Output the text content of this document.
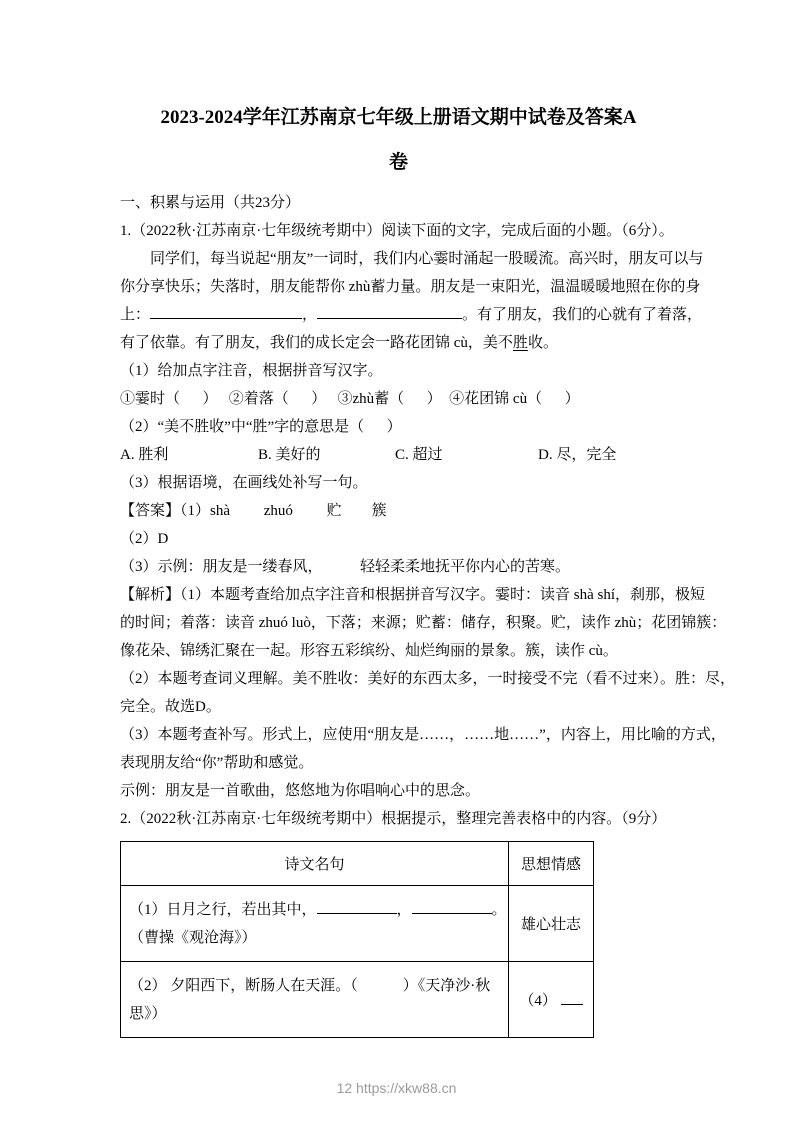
2023-2024学年江苏南京七年级上册语文期中试卷及答案A
卷

一、积累与运用（共23分）

1.（2022秋·江苏南京·七年级统考期中）阅读下面的文字，完成后面的小题。（6分）。

同学们，每当说起“朋友”一词时，我们内心霎时涌起一股暖流。高兴时，朋友可以与

你分享快乐；失落时，朋友能帮你 zhù蓄力量。朋友是一束阳光，温温暖暖地照在你的身

上：	，	。有了朋友，我们的心就有了着落，

有了依靠。有了朋友，我们的成长定会一路花团锦 cù，美不胜收。

（1）给加点字注音，根据拼音写汉字。

①霎时（      ）   ②着落（      ）   ③zhù蓄（      ）  ④花团锦 cù（      ）

（2）“美不胜收”中“胜”字的意思是（      ）

A. 胜利	B. 美好的	C. 超过	D. 尽，完全

（3）根据语境，在画线处补写一句。

【答案】（1）shà         zhuó         贮        簇

（2）D

（3）示例：朋友是一缕春风，          轻轻柔柔地抚平你内心的苦寒。

【解析】（1）本题考查给加点字注音和根据拼音写汉字。霎时：读音 shà shí，刹那，极短

的时间；着落：读音 zhuó luò，下落；来源；贮蓄：储存，积聚。贮，读作 zhù；花团锦簇：

像花朵、锦绣汇聚在一起。形容五彩缤纷、灿烂绚丽的景象。簇，读作 cù。

（2）本题考查词义理解。美不胜收：美好的东西太多，一时接受不完（看不过来）。胜：尽，

完全。故选D。

（3）本题考查补写。形式上，应使用“朋友是……，……地……”，内容上，用比喻的方式，

表现朋友给“你”帮助和感觉。

示例：朋友是一首歌曲，悠悠地为你唱响心中的思念。

2.（2022秋·江苏南京·七年级统考期中）根据提示，整理完善表格中的内容。（9分）

诗文名句	思想情感

（1）日月之行，若出其中， ， 。
（曹操《观沧海》）	雄心壮志

（2） 夕阳西下，断肠人在天涯。（            ）《天净沙·秋
思》）	（4）
12 https://xkw88.cn
